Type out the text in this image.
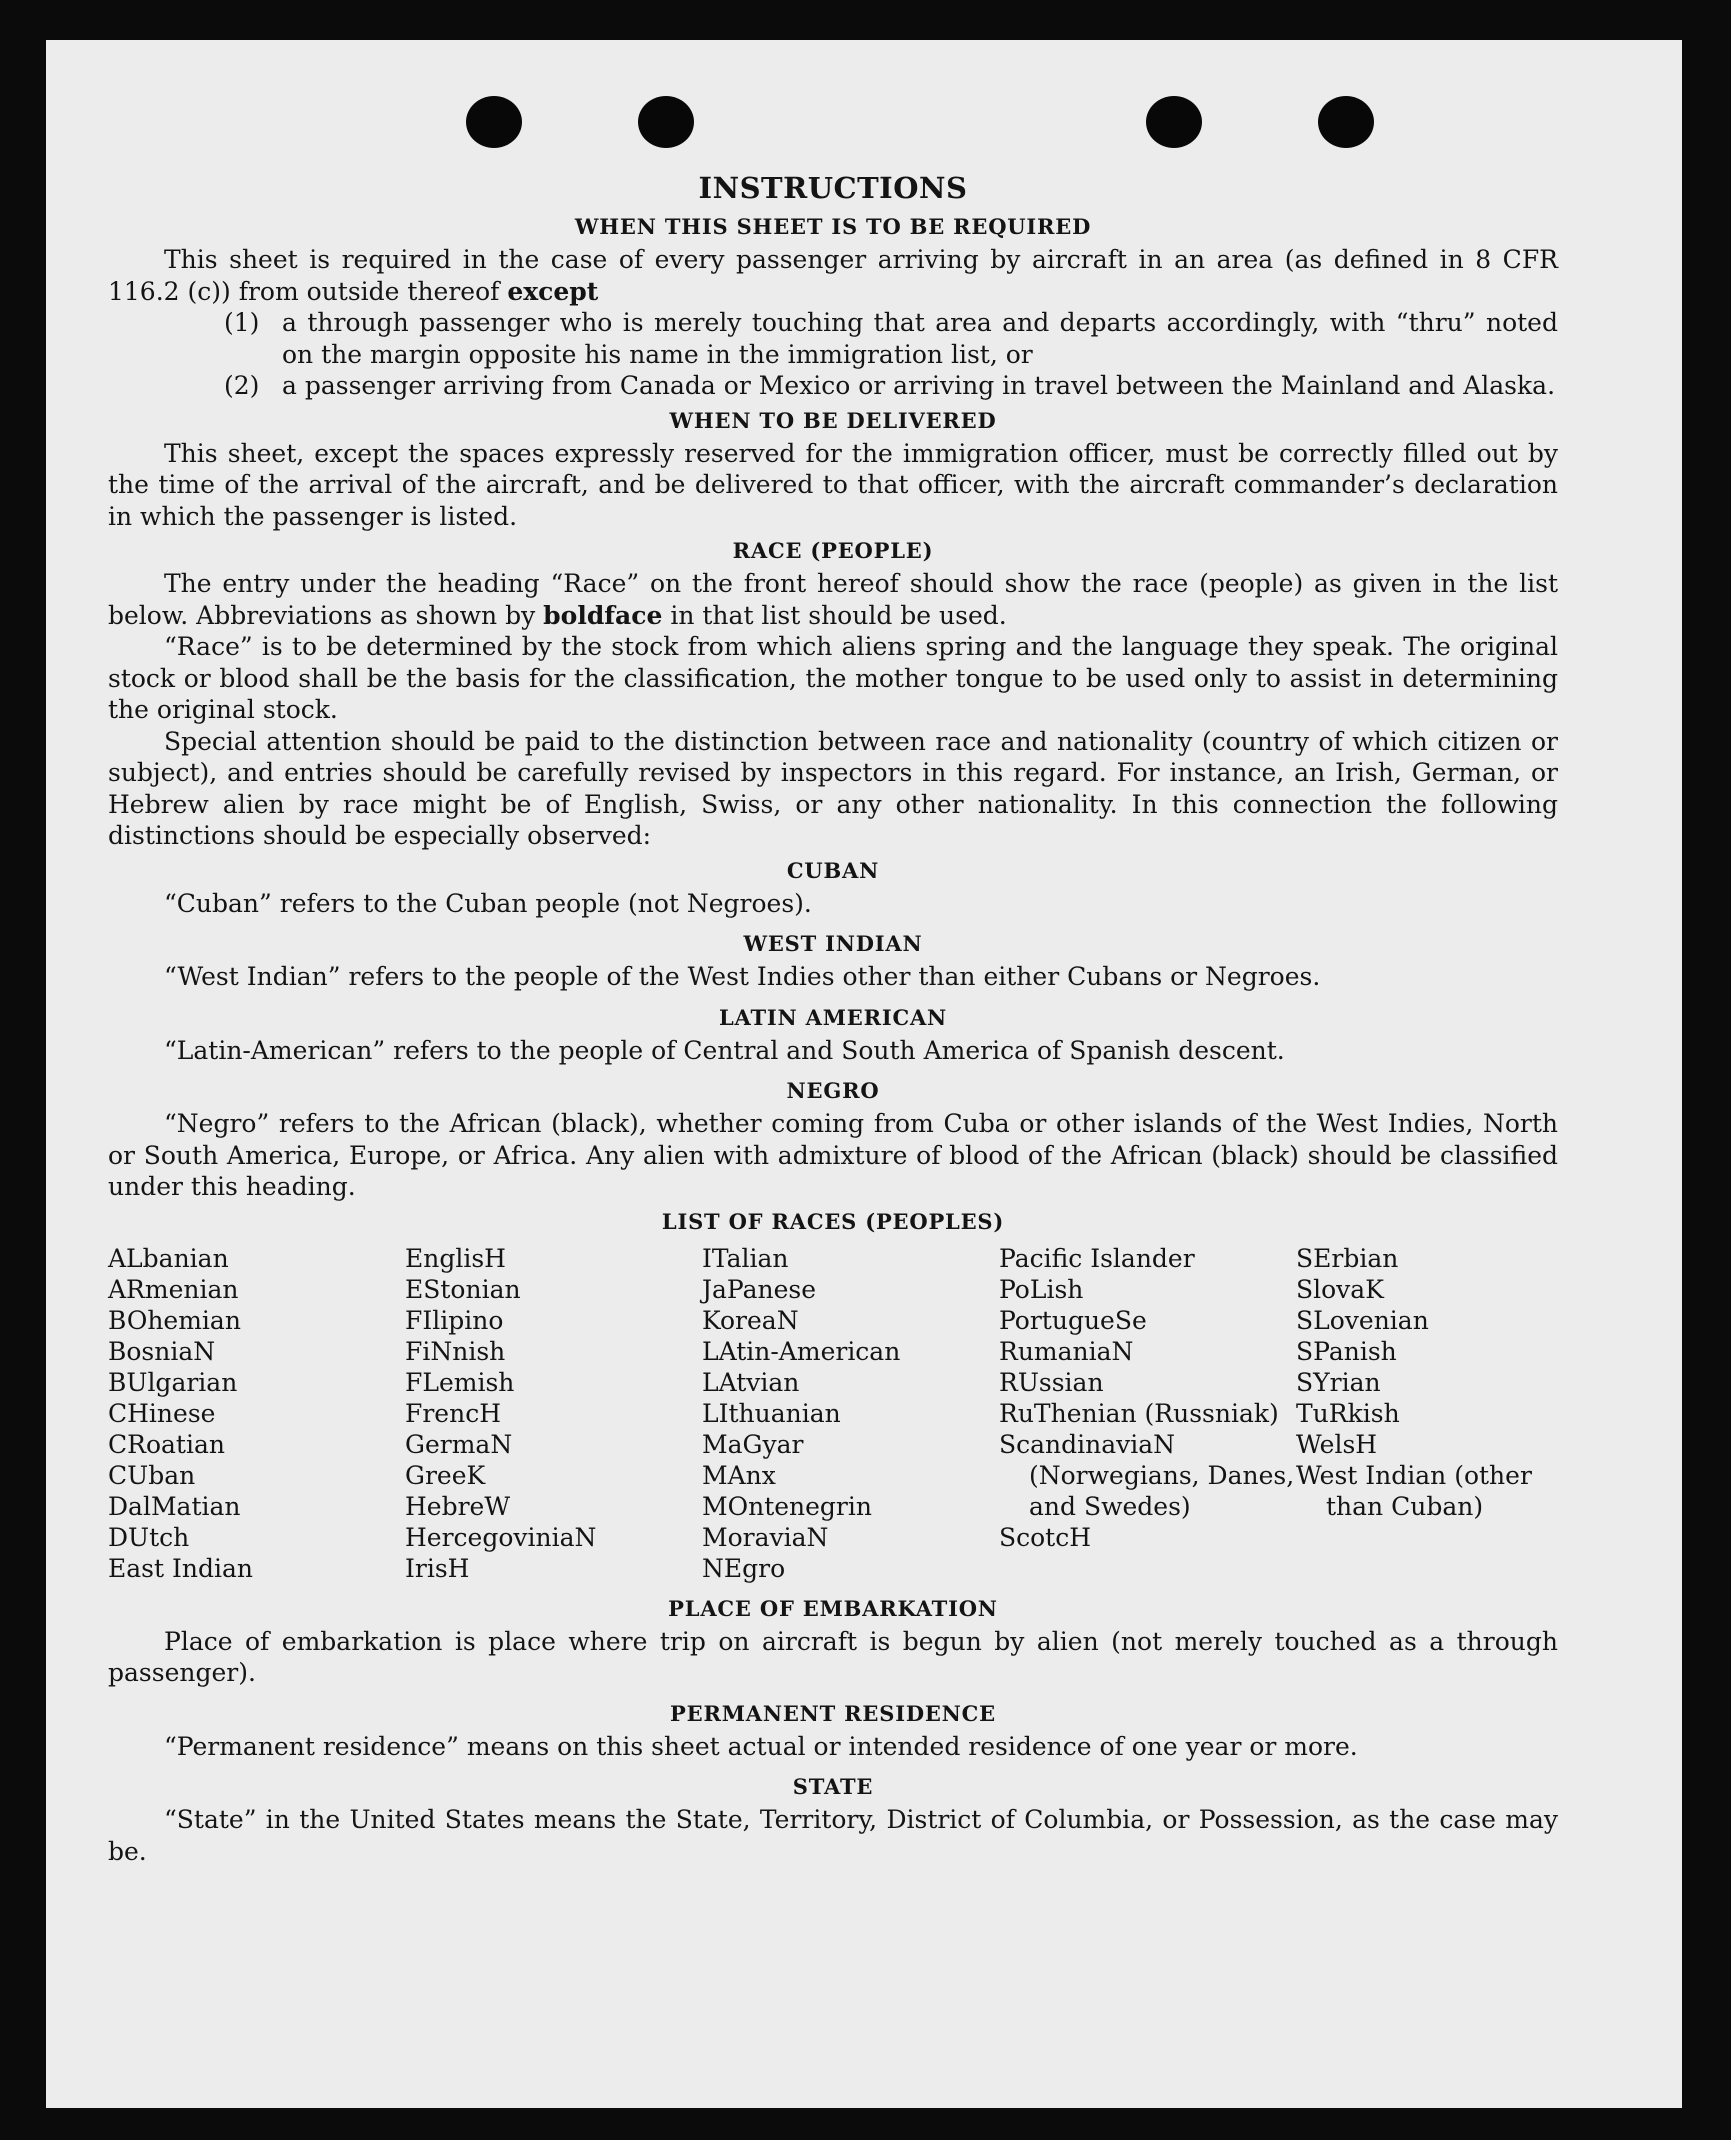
INSTRUCTIONS
WHEN THIS SHEET IS TO BE REQUIRED

This sheet is required in the case of every passenger arriving by aircraft in an area (as defined in 8 CFR 116.2 (c)) from outside thereof except

(1) a through passenger who is merely touching that area and departs accordingly, with “thru” noted on the margin opposite his name in the immigration list, or
(2) a passenger arriving from Canada or Mexico or arriving in travel between the Mainland and Alaska.
WHEN TO BE DELIVERED

This sheet, except the spaces expressly reserved for the immigration officer, must be correctly filled out by the time of the arrival of the aircraft, and be delivered to that officer, with the aircraft commander’s declaration in which the passenger is listed.

RACE (PEOPLE)

The entry under the heading “Race” on the front hereof should show the race (people) as given in the list below. Abbreviations as shown by boldface in that list should be used.

“Race” is to be determined by the stock from which aliens spring and the language they speak. The original stock or blood shall be the basis for the classification, the mother tongue to be used only to assist in determining the original stock.

Special attention should be paid to the distinction between race and nationality (country of which citizen or subject), and entries should be carefully revised by inspectors in this regard. For instance, an Irish, German, or Hebrew alien by race might be of English, Swiss, or any other nationality. In this connection the following distinctions should be especially observed:

CUBAN

“Cuban” refers to the Cuban people (not Negroes).

WEST INDIAN

“West Indian” refers to the people of the West Indies other than either Cubans or Negroes.

LATIN AMERICAN

“Latin-American” refers to the people of Central and South America of Spanish descent.

NEGRO

“Negro” refers to the African (black), whether coming from Cuba or other islands of the West Indies, North or South America, Europe, or Africa. Any alien with admixture of blood of the African (black) should be classified under this heading.

LIST OF RACES (PEOPLES)
ALbanian
ARmenian
BOhemian
BosniaN
BUlgarian
CHinese
CRoatian
CUban
DalMatian
DUtch
East Indian
EnglisH
EStonian
FIlipino
FiNnish
FLemish
FrencH
GermaN
GreeK
HebreW
HercegoviniaN
IrisH
ITalian
JaPanese
KoreaN
LAtin-American
LAtvian
LIthuanian
MaGyar
MAnx
MOntenegrin
MoraviaN
NEgro
Pacific Islander
PoLish
PortugueSe
RumaniaN
RUssian
RuThenian (Russniak)
ScandinaviaN (Norwegians, Danes, and Swedes)
ScotcH
SErbian
SlovaK
SLovenian
SPanish
SYrian
TuRkish
WelsH
West Indian (other than Cuban)
PLACE OF EMBARKATION

Place of embarkation is place where trip on aircraft is begun by alien (not merely touched as a through passenger).

PERMANENT RESIDENCE

“Permanent residence” means on this sheet actual or intended residence of one year or more.

STATE

“State” in the United States means the State, Territory, District of Columbia, or Possession, as the case may be.
